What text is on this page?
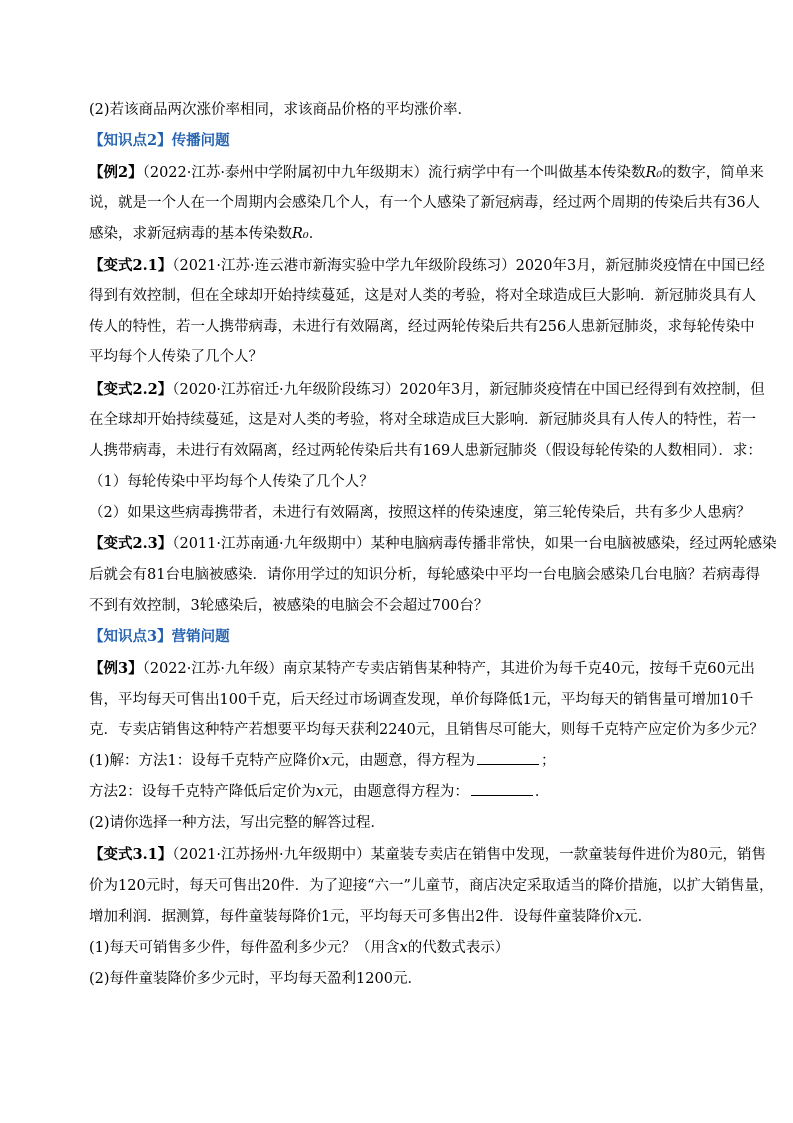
(2)若该商品两次涨价率相同，求该商品价格的平均涨价率．
【知识点2】传播问题
【例2】（2022·江苏·泰州中学附属初中九年级期末）流行病学中有一个叫做基本传染数R₀的数字，简单来
说，就是一个人在一个周期内会感染几个人，有一个人感染了新冠病毒，经过两个周期的传染后共有36人
感染，求新冠病毒的基本传染数R₀．
【变式2.1】（2021·江苏·连云港市新海实验中学九年级阶段练习）2020年3月，新冠肺炎疫情在中国已经
得到有效控制，但在全球却开始持续蔓延，这是对人类的考验，将对全球造成巨大影响．新冠肺炎具有人
传人的特性，若一人携带病毒，未进行有效隔离，经过两轮传染后共有256人患新冠肺炎，求每轮传染中
平均每个人传染了几个人？
【变式2.2】（2020·江苏宿迁·九年级阶段练习）2020年3月，新冠肺炎疫情在中国已经得到有效控制，但
在全球却开始持续蔓延，这是对人类的考验，将对全球造成巨大影响．新冠肺炎具有人传人的特性，若一
人携带病毒，未进行有效隔离，经过两轮传染后共有169人患新冠肺炎（假设每轮传染的人数相同）．求：
（1）每轮传染中平均每个人传染了几个人？
（2）如果这些病毒携带者，未进行有效隔离，按照这样的传染速度，第三轮传染后，共有多少人患病？
【变式2.3】（2011·江苏南通·九年级期中）某种电脑病毒传播非常快，如果一台电脑被感染，经过两轮感染
后就会有81台电脑被感染．请你用学过的知识分析，每轮感染中平均一台电脑会感染几台电脑？若病毒得
不到有效控制，3轮感染后，被感染的电脑会不会超过700台？
【知识点3】营销问题
【例3】（2022·江苏·九年级）南京某特产专卖店销售某种特产，其进价为每千克40元，按每千克60元出
售，平均每天可售出100千克，后天经过市场调查发现，单价每降低1元，平均每天的销售量可增加10千
克．专卖店销售这种特产若想要平均每天获利2240元，且销售尽可能大，则每千克特产应定价为多少元？
(1)解：方法1：设每千克特产应降价x元，由题意，得方程为	；
方法2：设每千克特产降低后定价为x元，由题意得方程为：	．
(2)请你选择一种方法，写出完整的解答过程．
【变式3.1】（2021·江苏扬州·九年级期中）某童装专卖店在销售中发现，一款童装每件进价为80元，销售
价为120元时，每天可售出20件．为了迎接“六一”儿童节，商店决定采取适当的降价措施，以扩大销售量，
增加利润．据测算，每件童装每降价1元，平均每天可多售出2件．设每件童装降价x元．
(1)每天可销售多少件，每件盈利多少元？（用含x的代数式表示）
(2)每件童装降价多少元时，平均每天盈利1200元．
